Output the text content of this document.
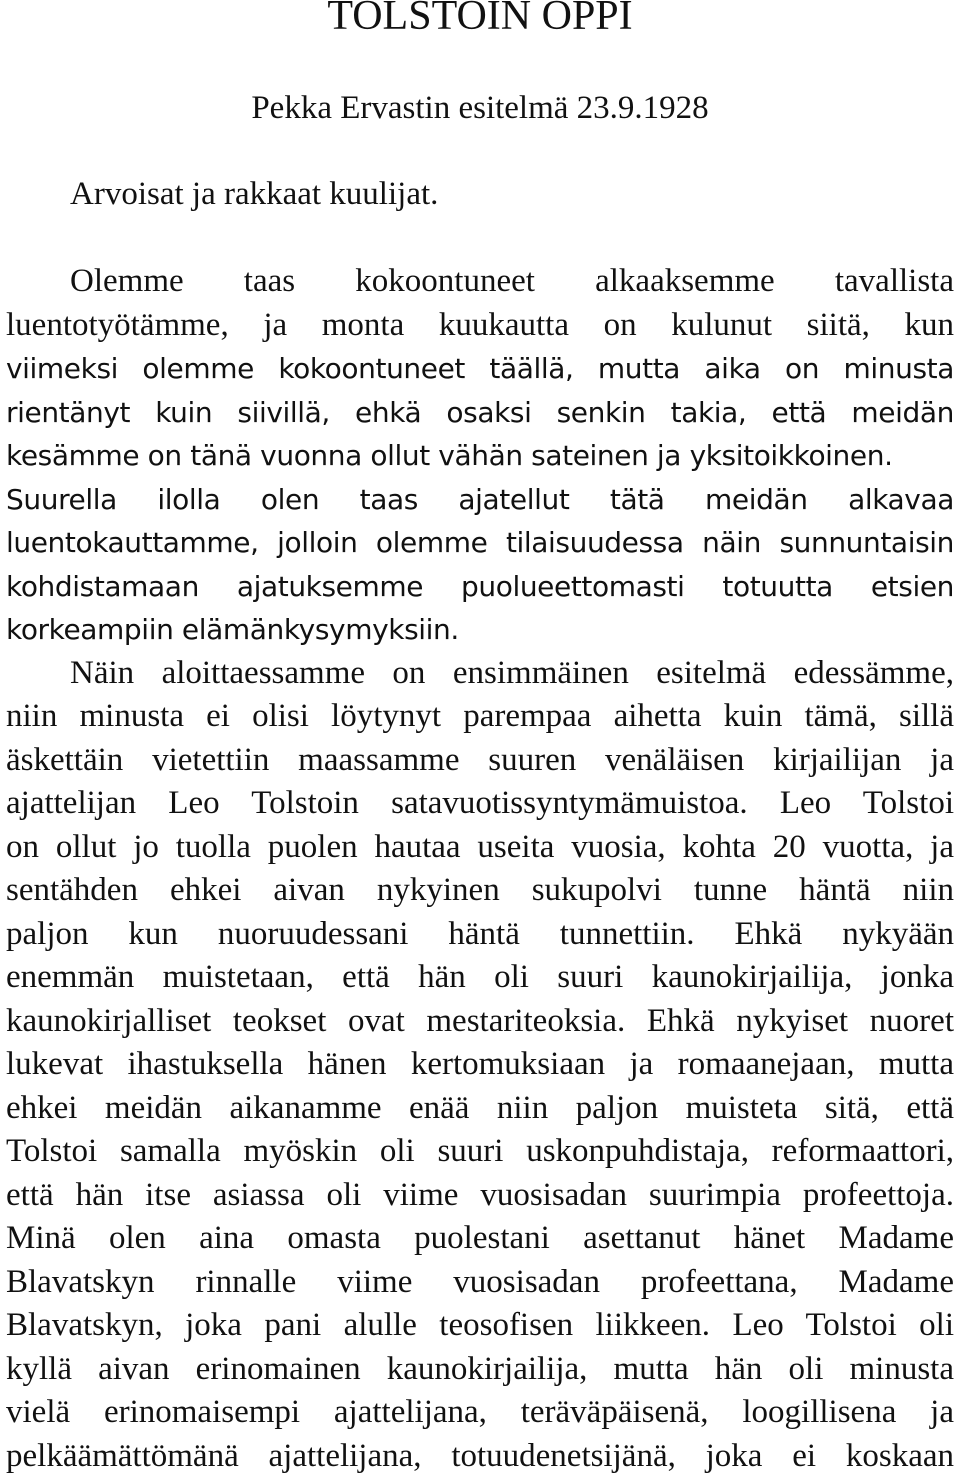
TOLSTOIN OPPI
Pekka Ervastin esitelmä 23.9.1928
Arvoisat ja rakkaat kuulijat.
Olemme taas kokoontuneet alkaaksemme tavallista
luentotyötämme, ja monta kuukautta on kulunut siitä, kun
viimeksi olemme kokoontuneet täällä, mutta aika on minusta
rientänyt kuin siivillä, ehkä osaksi senkin takia, että meidän
kesämme on tänä vuonna ollut vähän sateinen ja yksitoikkoinen.
Suurella ilolla olen taas ajatellut tätä meidän alkavaa
luentokauttamme, jolloin olemme tilaisuudessa näin sunnuntaisin
kohdistamaan ajatuksemme puolueettomasti totuutta etsien
korkeampiin elämänkysymyksiin.
Näin aloittaessamme on ensimmäinen esitelmä edessämme,
niin minusta ei olisi löytynyt parempaa aihetta kuin tämä, sillä
äskettäin vietettiin maassamme suuren venäläisen kirjailijan ja
ajattelijan Leo Tolstoin satavuotissyntymämuistoa. Leo Tolstoi
on ollut jo tuolla puolen hautaa useita vuosia, kohta 20 vuotta, ja
sentähden ehkei aivan nykyinen sukupolvi tunne häntä niin
paljon kun nuoruudessani häntä tunnettiin. Ehkä nykyään
enemmän muistetaan, että hän oli suuri kaunokirjailija, jonka
kaunokirjalliset teokset ovat mestariteoksia. Ehkä nykyiset nuoret
lukevat ihastuksella hänen kertomuksiaan ja romaanejaan, mutta
ehkei meidän aikanamme enää niin paljon muisteta sitä, että
Tolstoi samalla myöskin oli suuri uskonpuhdistaja, reformaattori,
että hän itse asiassa oli viime vuosisadan suurimpia profeettoja.
Minä olen aina omasta puolestani asettanut hänet Madame
Blavatskyn rinnalle viime vuosisadan profeettana, Madame
Blavatskyn, joka pani alulle teosofisen liikkeen. Leo Tolstoi oli
kyllä aivan erinomainen kaunokirjailija, mutta hän oli minusta
vielä erinomaisempi ajattelijana, teräväpäisenä, loogillisena ja
pelkäämättömänä ajattelijana, totuudenetsijänä, joka ei koskaan
